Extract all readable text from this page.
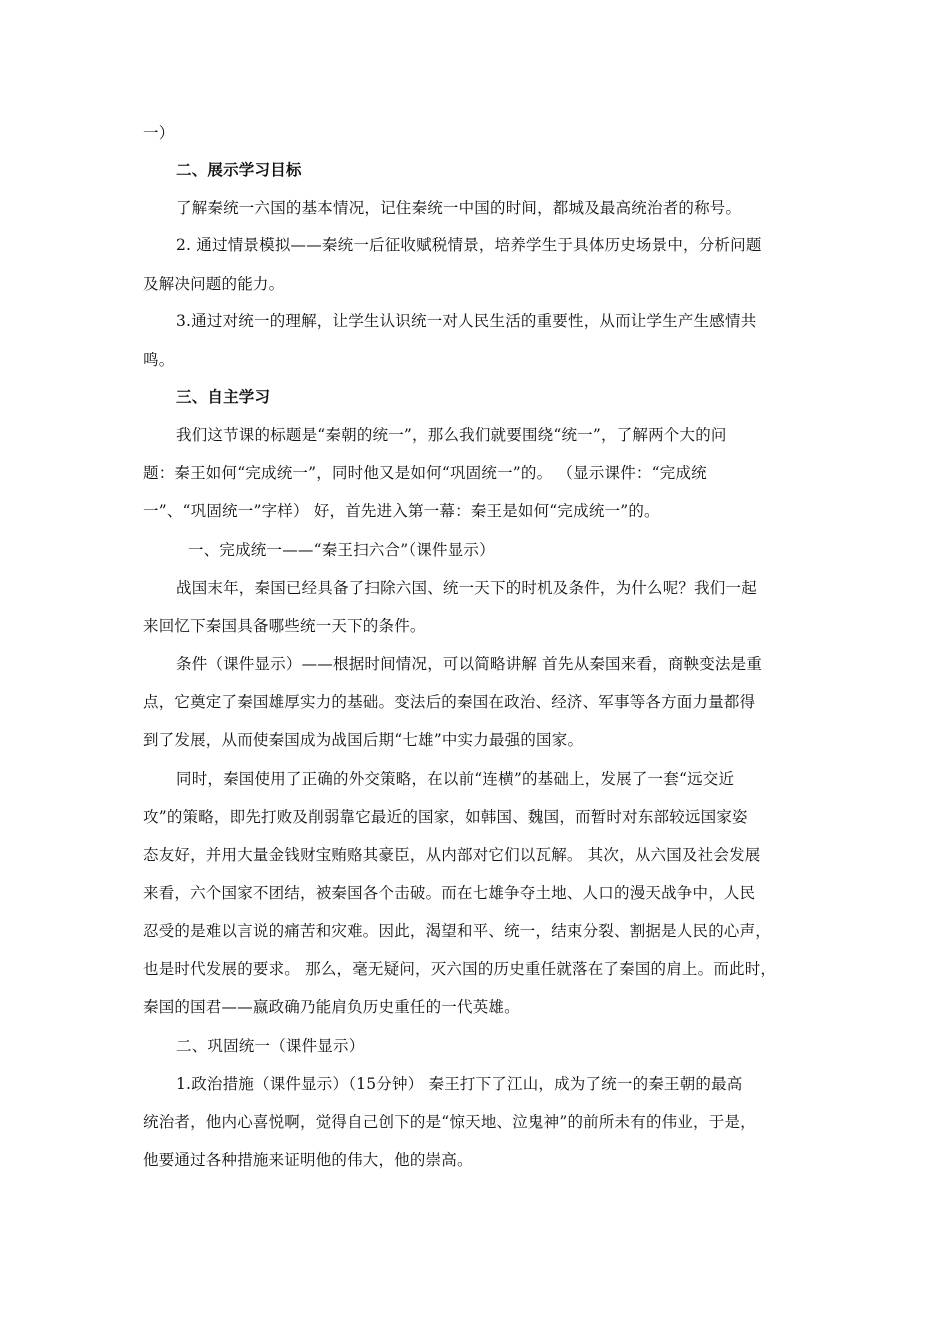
一）
二、展示学习目标
了解秦统一六国的基本情况，记住秦统一中国的时间，都城及最高统治者的称号。
2. 通过情景模拟——秦统一后征收赋税情景，培养学生于具体历史场景中，分析问题
及解决问题的能力。
3.通过对统一的理解，让学生认识统一对人民生活的重要性，从而让学生产生感情共
鸣。
三、自主学习
我们这节课的标题是“秦朝的统一”，那么我们就要围绕“统一”，了解两个大的问
题：秦王如何“完成统一”，同时他又是如何“巩固统一”的。 （显示课件：“完成统
一”、“巩固统一”字样） 好，首先进入第一幕：秦王是如何“完成统一”的。
一、完成统一——“秦王扫六合”（课件显示）
战国末年，秦国已经具备了扫除六国、统一天下的时机及条件，为什么呢？我们一起
来回忆下秦国具备哪些统一天下的条件。
条件（课件显示）——根据时间情况，可以简略讲解 首先从秦国来看，商鞅变法是重
点，它奠定了秦国雄厚实力的基础。变法后的秦国在政治、经济、军事等各方面力量都得
到了发展，从而使秦国成为战国后期“七雄”中实力最强的国家。
同时，秦国使用了正确的外交策略，在以前“连横”的基础上，发展了一套“远交近
攻”的策略，即先打败及削弱靠它最近的国家，如韩国、魏国，而暂时对东部较远国家姿
态友好，并用大量金钱财宝贿赂其豪臣，从内部对它们以瓦解。 其次，从六国及社会发展
来看，六个国家不团结，被秦国各个击破。而在七雄争夺土地、人口的漫天战争中，人民
忍受的是难以言说的痛苦和灾难。因此，渴望和平、统一，结束分裂、割据是人民的心声，
也是时代发展的要求。 那么，毫无疑问，灭六国的历史重任就落在了秦国的肩上。而此时，
秦国的国君——嬴政确乃能肩负历史重任的一代英雄。
二、巩固统一（课件显示）
1.政治措施（课件显示）（15分钟） 秦王打下了江山，成为了统一的秦王朝的最高
统治者，他内心喜悦啊，觉得自己创下的是“惊天地、泣鬼神”的前所未有的伟业，于是，
他要通过各种措施来证明他的伟大，他的崇高。
